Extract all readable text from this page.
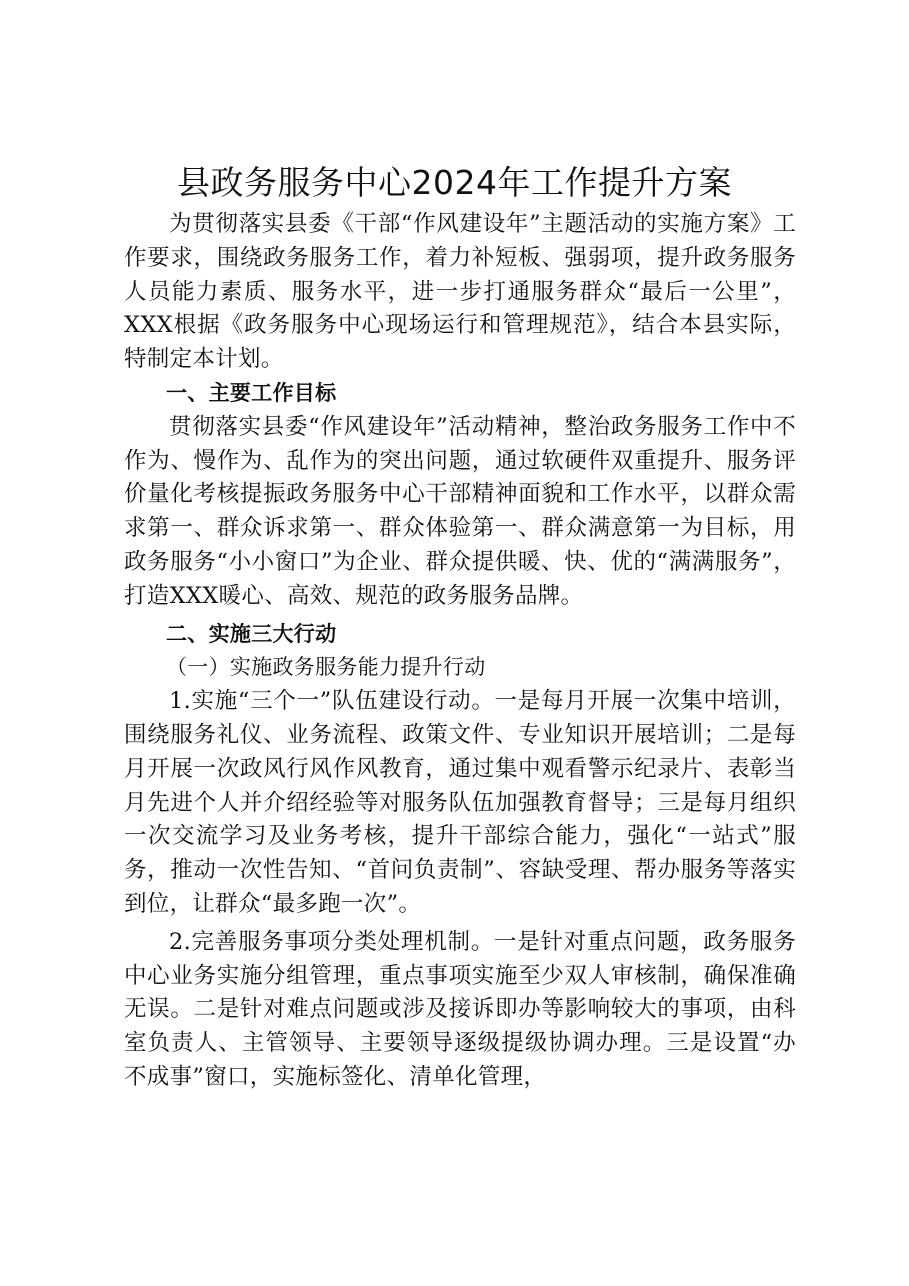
县政务服务中心2024年工作提升方案

为贯彻落实县委《干部“作风建设年”主题活动的实施方案》工作要求，围绕政务服务工作，着力补短板、强弱项，提升政务服务人员能力素质、服务水平，进一步打通服务群众“最后一公里”，XXX根据《政务服务中心现场运行和管理规范》，结合本县实际，特制定本计划。

一、主要工作目标

贯彻落实县委“作风建设年”活动精神，整治政务服务工作中不作为、慢作为、乱作为的突出问题，通过软硬件双重提升、服务评价量化考核提振政务服务中心干部精神面貌和工作水平，以群众需求第一、群众诉求第一、群众体验第一、群众满意第一为目标，用政务服务“小小窗口”为企业、群众提供暖、快、优的“满满服务”，打造XXX暖心、高效、规范的政务服务品牌。

二、实施三大行动

（一）实施政务服务能力提升行动

1.实施“三个一”队伍建设行动。一是每月开展一次集中培训，围绕服务礼仪、业务流程、政策文件、专业知识开展培训；二是每月开展一次政风行风作风教育，通过集中观看警示纪录片、表彰当月先进个人并介绍经验等对服务队伍加强教育督导；三是每月组织一次交流学习及业务考核，提升干部综合能力，强化“一站式”服务，推动一次性告知、“首问负责制”、容缺受理、帮办服务等落实到位，让群众“最多跑一次”。

2.完善服务事项分类处理机制。一是针对重点问题，政务服务中心业务实施分组管理，重点事项实施至少双人审核制，确保准确无误。二是针对难点问题或涉及接诉即办等影响较大的事项，由科室负责人、主管领导、主要领导逐级提级协调办理。三是设置“办不成事”窗口，实施标签化、清单化管理，
